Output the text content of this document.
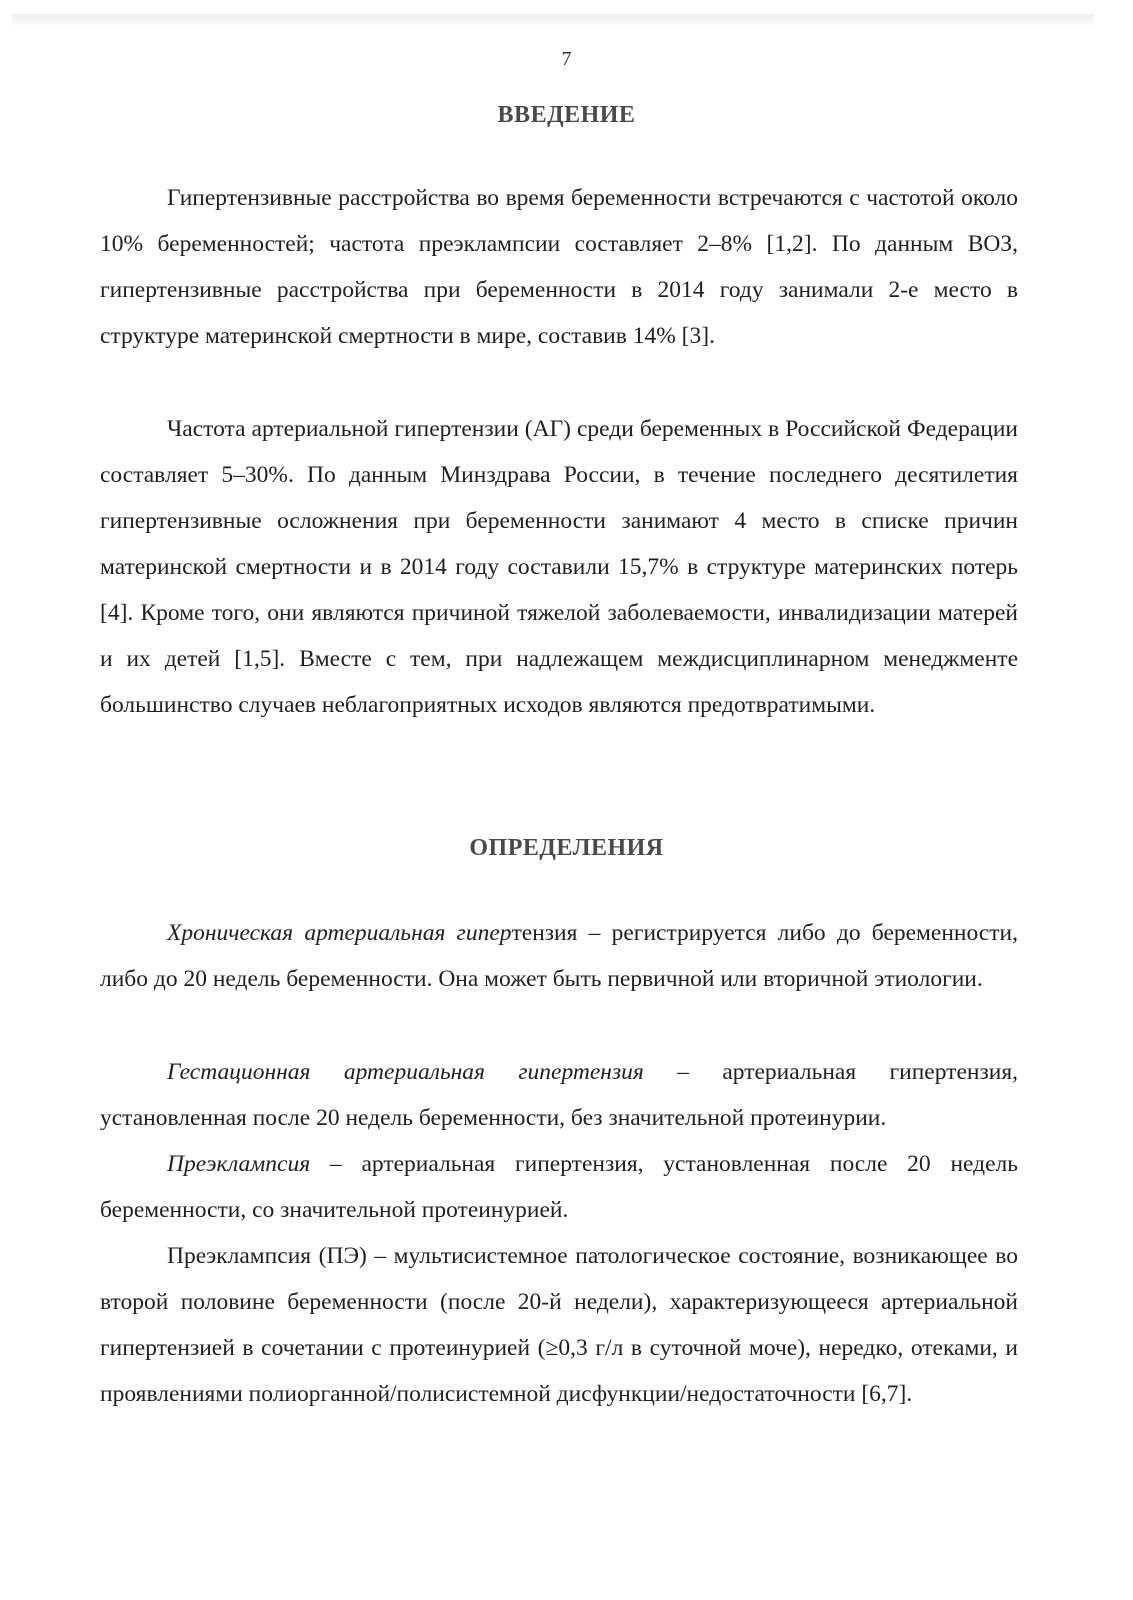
7
ВВЕДЕНИЕ

Гипертензивные расстройства во время беременности встречаются с частотой около 10% беременностей; частота преэклампсии составляет 2–8% [1,2]. По данным ВОЗ, гипертензивные расстройства при беременности в 2014 году занимали 2-е место в структуре материнской смертности в мире, составив 14% [3].

Частота артериальной гипертензии (АГ) среди беременных в Российской Федерации составляет 5–30%. По данным Минздрава России, в течение последнего десятилетия гипертензивные осложнения при беременности занимают 4 место в списке причин материнской смертности и в 2014 году составили 15,7% в структуре материнских потерь [4]. Кроме того, они являются причиной тяжелой заболеваемости, инвалидизации матерей и их детей [1,5]. Вместе с тем, при надлежащем междисциплинарном менеджменте большинство случаев неблагоприятных исходов являются предотвратимыми.

ОПРЕДЕЛЕНИЯ

Хроническая артериальная гипертензия – регистрируется либо до беременности, либо до 20 недель беременности. Она может быть первичной или вторичной этиологии.

Гестационная артериальная гипертензия – артериальная гипертензия, установленная после 20 недель беременности, без значительной протеинурии.

Преэклампсия – артериальная гипертензия, установленная после 20 недель беременности, со значительной протеинурией.

Преэклампсия (ПЭ) – мультисистемное патологическое состояние, возникающее во второй половине беременности (после 20-й недели), характеризующееся артериальной гипертензией в сочетании с протеинурией (≥0,3 г/л в суточной моче), нередко, отеками, и проявлениями полиорганной/полисистемной дисфункции/недостаточности [6,7].
